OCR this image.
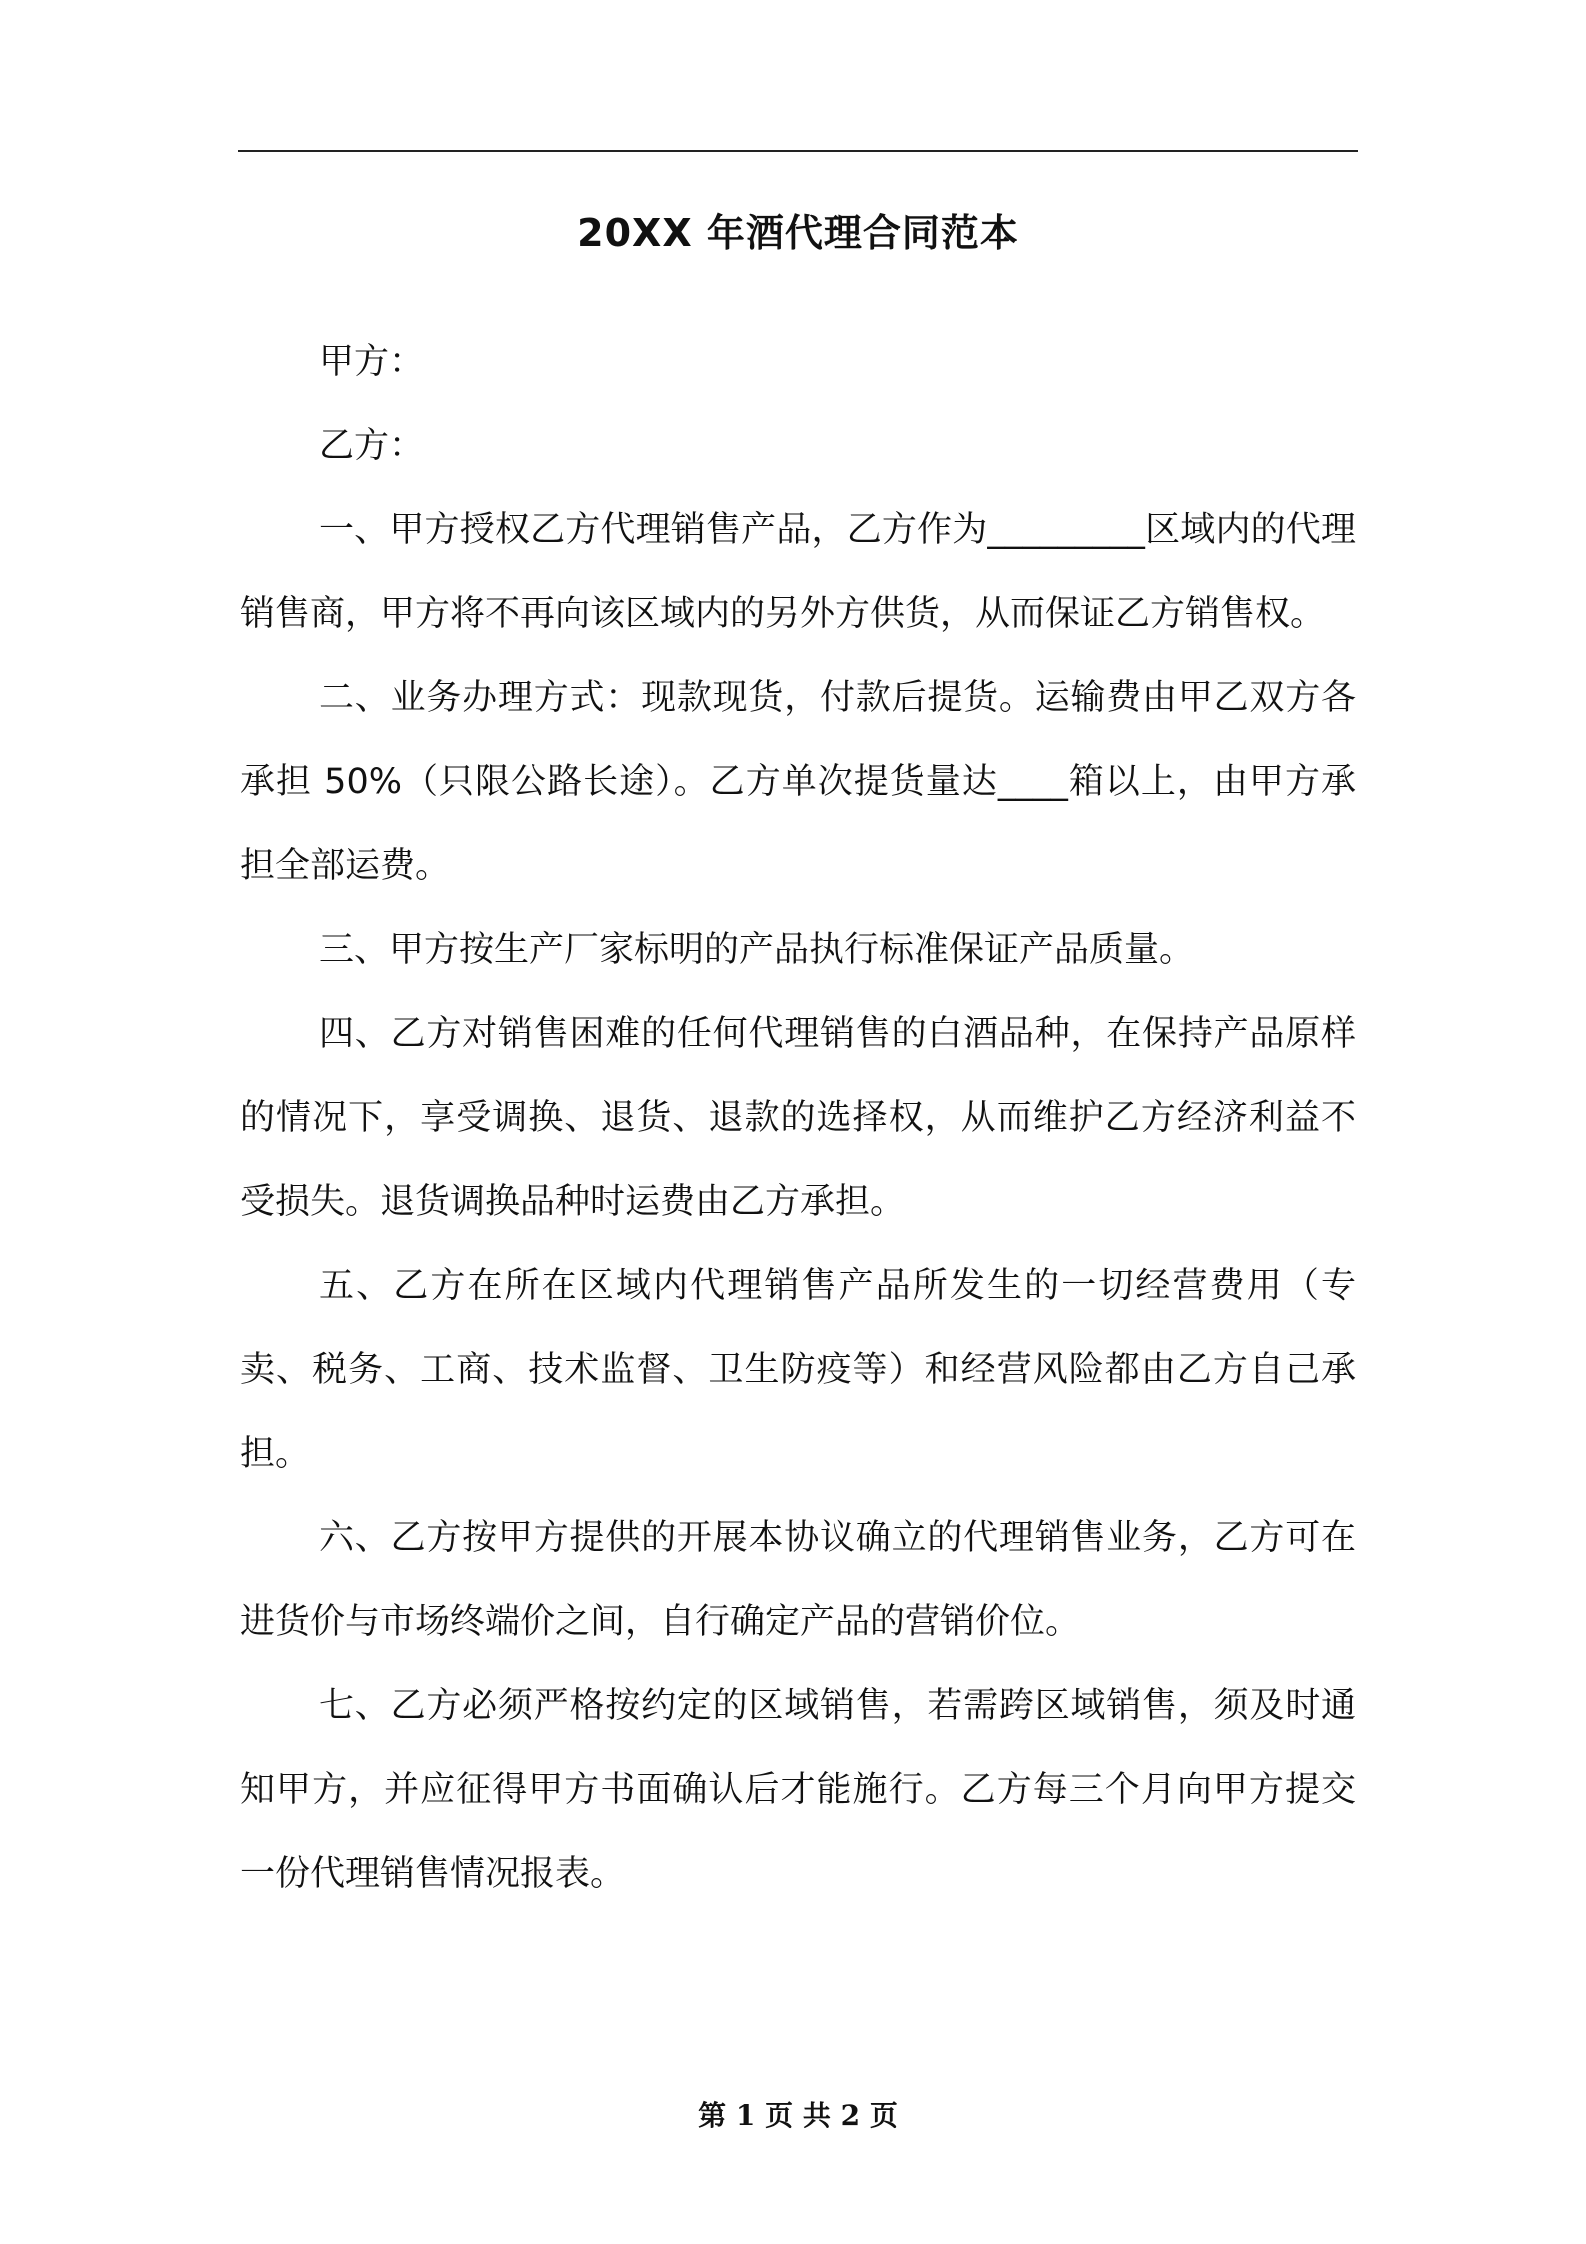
20XX 年酒代理合同范本

甲方：

乙方：

一、甲方授权乙方代理销售产品，乙方作为_________区域内的代理销售商，甲方将不再向该区域内的另外方供货，从而保证乙方销售权。

二、业务办理方式：现款现货，付款后提货。运输费由甲乙双方各承担 50%（只限公路长途）。乙方单次提货量达____箱以上，由甲方承担全部运费。

三、甲方按生产厂家标明的产品执行标准保证产品质量。

四、乙方对销售困难的任何代理销售的白酒品种，在保持产品原样的情况下，享受调换、退货、退款的选择权，从而维护乙方经济利益不受损失。退货调换品种时运费由乙方承担。

五、乙方在所在区域内代理销售产品所发生的一切经营费用（专卖、税务、工商、技术监督、卫生防疫等）和经营风险都由乙方自己承担。

六、乙方按甲方提供的开展本协议确立的代理销售业务，乙方可在进货价与市场终端价之间，自行确定产品的营销价位。

七、乙方必须严格按约定的区域销售，若需跨区域销售，须及时通知甲方，并应征得甲方书面确认后才能施行。乙方每三个月向甲方提交一份代理销售情况报表。

第 1 页 共 2 页
